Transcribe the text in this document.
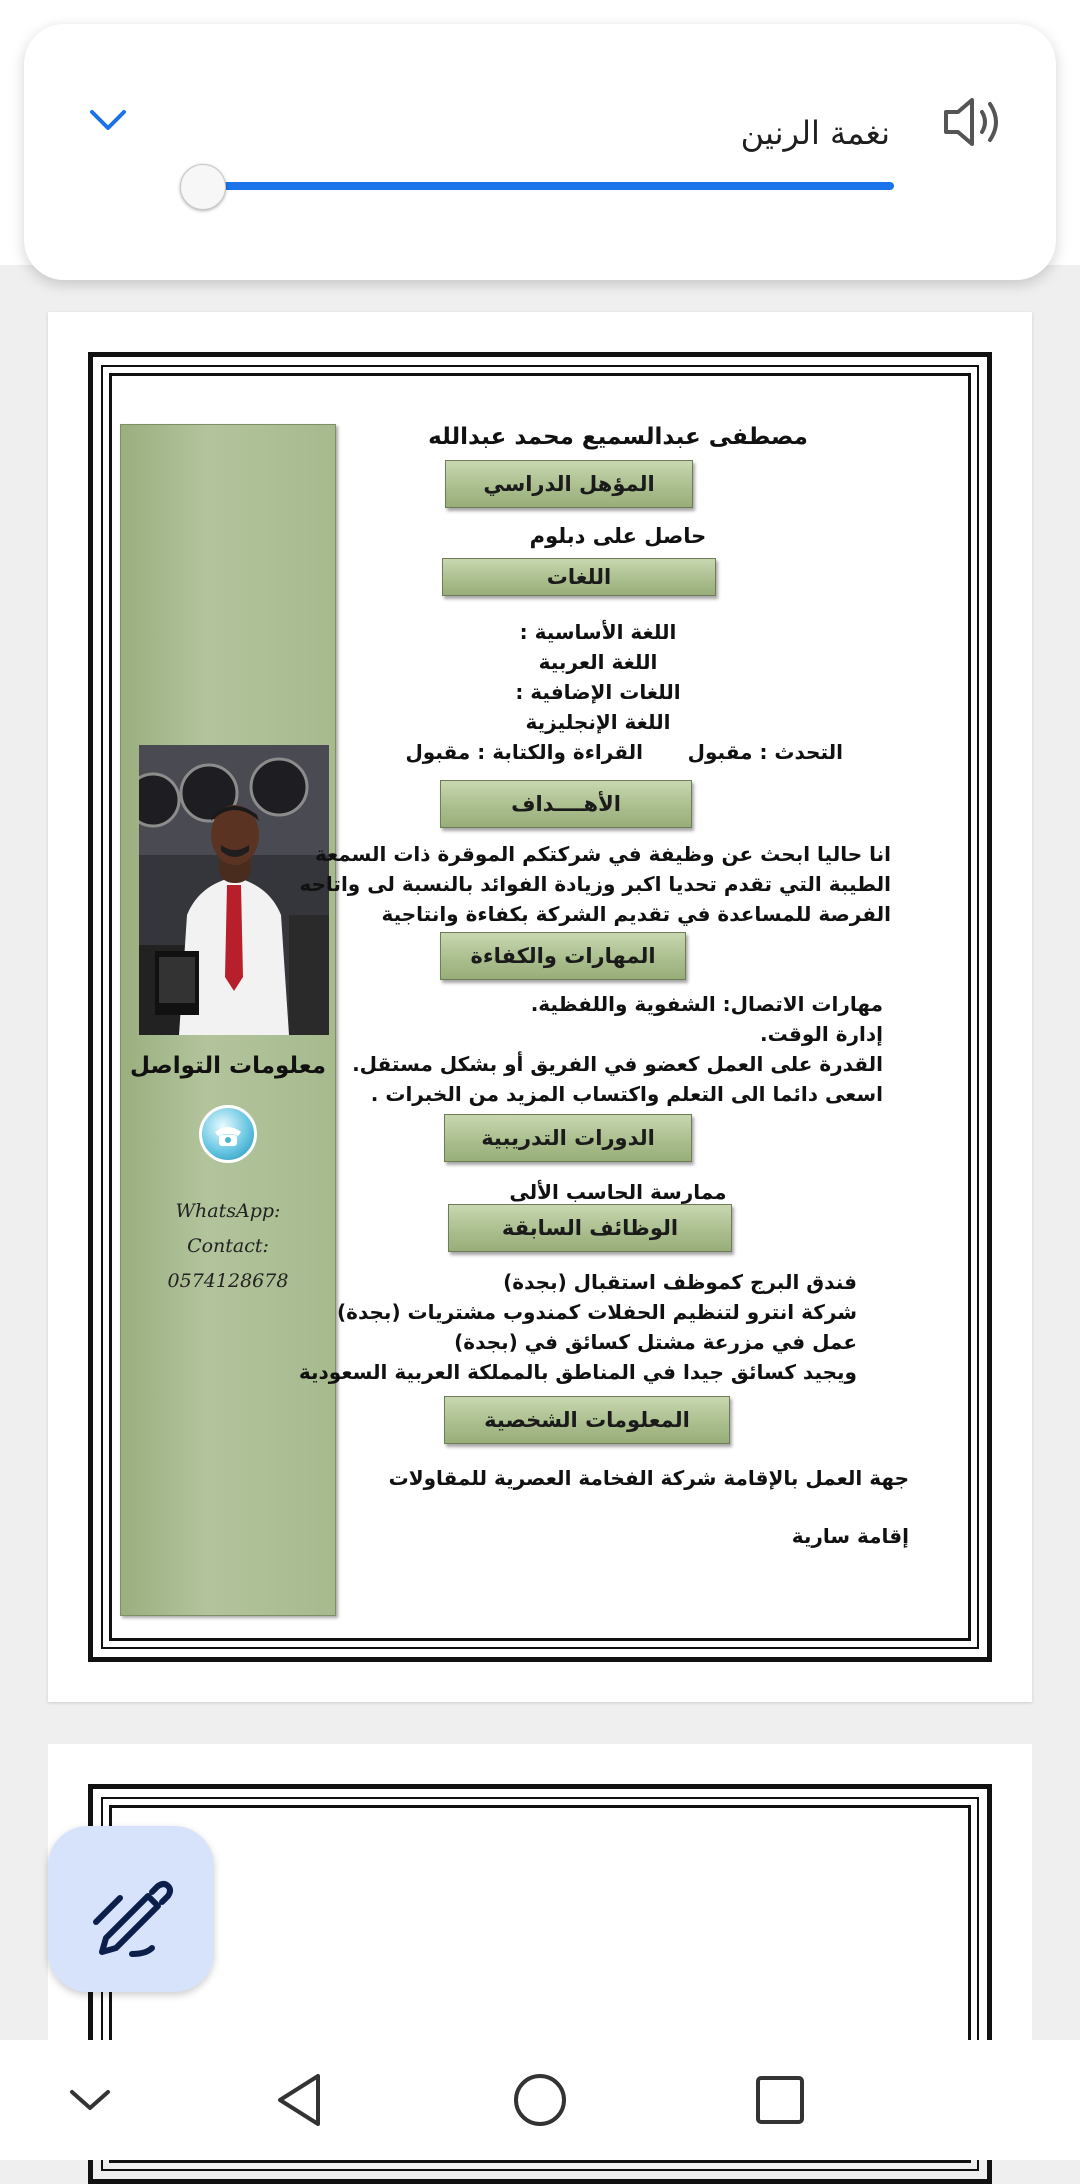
معلومات التواصل
WhatsApp:
Contact:
0574128678
مصطفى عبدالسميع محمد عبدالله
المؤهل الدراسي
حاصل على دبلوم
اللغات
اللغة الأساسية :
اللغة العربية
اللغات الإضافية :
اللغة الإنجليزية
التحدث : مقبول
القراءة والكتابة : مقبول
الأهــــداف
انا حاليا ابحث عن وظيفة في شركتكم الموقرة ذات السمعة
الطيبة التي تقدم تحديا اكبر وزيادة الفوائد بالنسبة لى واتاحه
الفرصة للمساعدة في تقديم الشركة بكفاءة وانتاجية
المهارات والكفاءة
مهارات الاتصال: الشفوية واللفظية.
إدارة الوقت.
القدرة على العمل كعضو في الفريق أو بشكل مستقل.
اسعى دائما الى التعلم واكتساب المزيد من الخبرات .
الدورات التدريبية
ممارسة الحاسب الألى
الوظائف السابقة
فندق البرج كموظف استقبال (بجدة)
شركة انترو لتنظيم الحفلات كمندوب مشتريات (بجدة)
عمل في مزرعة مشتل كسائق في (بجدة)
ويجيد كسائق جيدا في المناطق بالمملكة العربية السعودية
المعلومات الشخصية
جهة العمل بالإقامة شركة الفخامة العصرية للمقاولات
إقامة سارية
نغمة الرنين
